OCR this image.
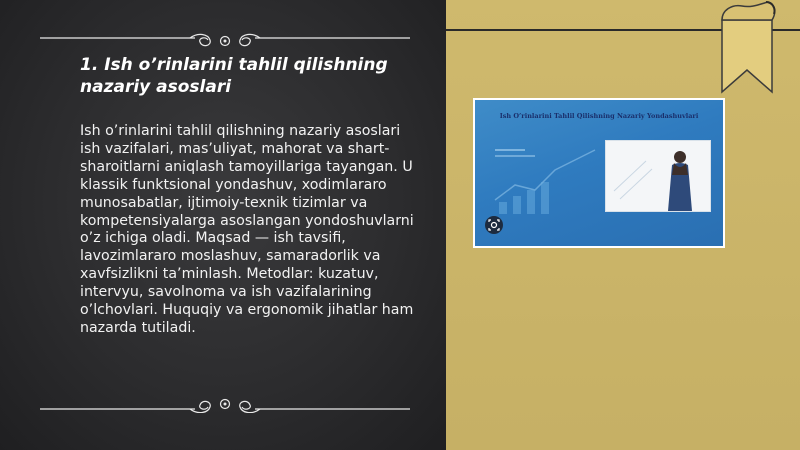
1. Ish o’rinlarini tahlil qilishning nazariy asoslari

Ish o’rinlarini tahlil qilishning nazariy asoslari ish vazifalari, mas’uliyat, mahorat va shart-sharoitlarni aniqlash tamoyillariga tayangan. U klassik funktsional yondashuv, xodimlararo munosabatlar, ijtimoiy-texnik tizimlar va kompetensiyalarga asoslangan yondoshuvlarni o’z ichiga oladi. Maqsad — ish tavsifi, lavozimlararo moslashuv, samaradorlik va xavfsizlikni ta’minlash. Metodlar: kuzatuv, intervyu, savolnoma va ish vazifalarining o’lchovlari. Huquqiy va ergonomik jihatlar ham nazarda tutiladi.

Ish O’rinlarini Tahlil Qilishning Nazariy Yondashuvlari
